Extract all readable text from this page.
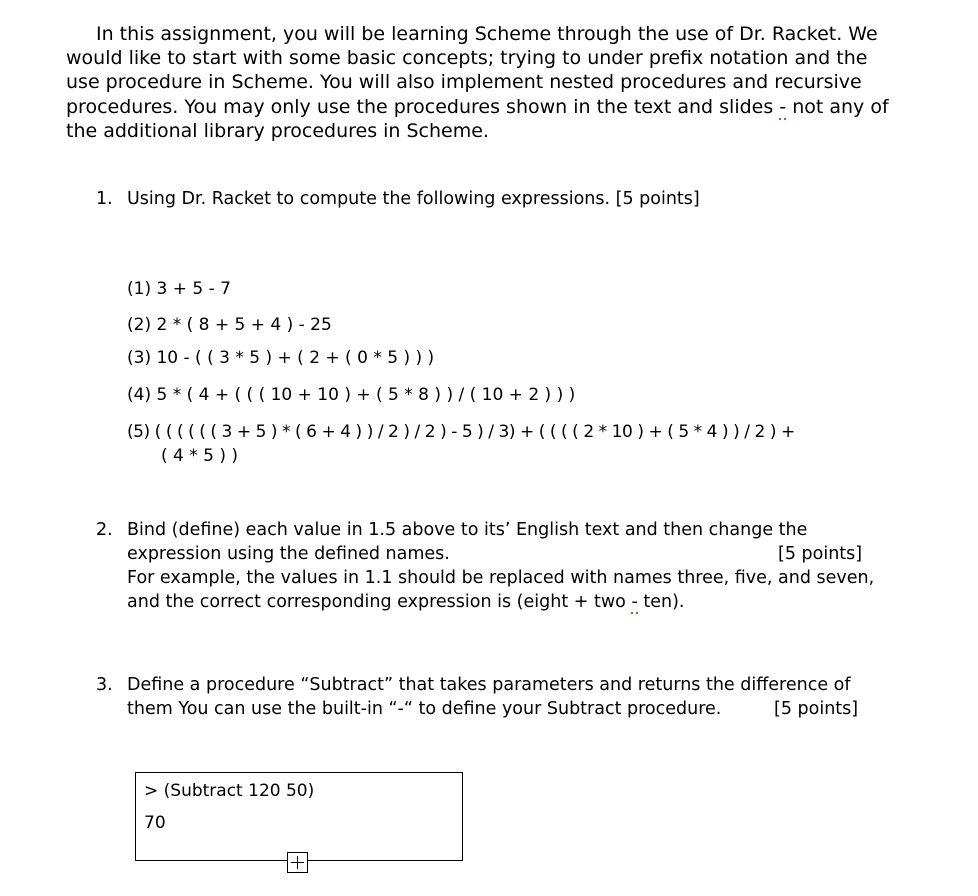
In this assignment, you will be learning Scheme through the use of Dr. Racket. We
would like to start with some basic concepts; trying to under prefix notation and the
use procedure in Scheme. You will also implement nested procedures and recursive
procedures. You may only use the procedures shown in the text and slides - not any of
the additional library procedures in Scheme.
1. Using Dr. Racket to compute the following expressions. [5 points]
(1) 3 + 5 - 7
(2) 2 * ( 8 + 5 + 4 ) - 25
(3) 10 - ( ( 3 * 5 ) + ( 2 + ( 0 * 5 ) ) )
(4) 5 * ( 4 + ( ( ( 10 + 10 ) + ( 5 * 8 ) ) / ( 10 + 2 ) ) )
(5) ( ( ( ( ( ( 3 + 5 ) * ( 6 + 4 ) ) / 2 ) / 2 ) - 5 ) / 3) + ( ( ( ( 2 * 10 ) + ( 5 * 4 ) ) / 2 ) +
( 4 * 5 ) )
2. Bind (define) each value in 1.5 above to its’ English text and then change the
expression using the defined names.	[5 points]
For example, the values in 1.1 should be replaced with names three, five, and seven,
and the correct corresponding expression is (eight + two - ten).
3. Define a procedure “Subtract” that takes parameters and returns the difference of
them You can use the built-in “-“ to define your Subtract procedure.	[5 points]
> (Subtract 120 50)
70
